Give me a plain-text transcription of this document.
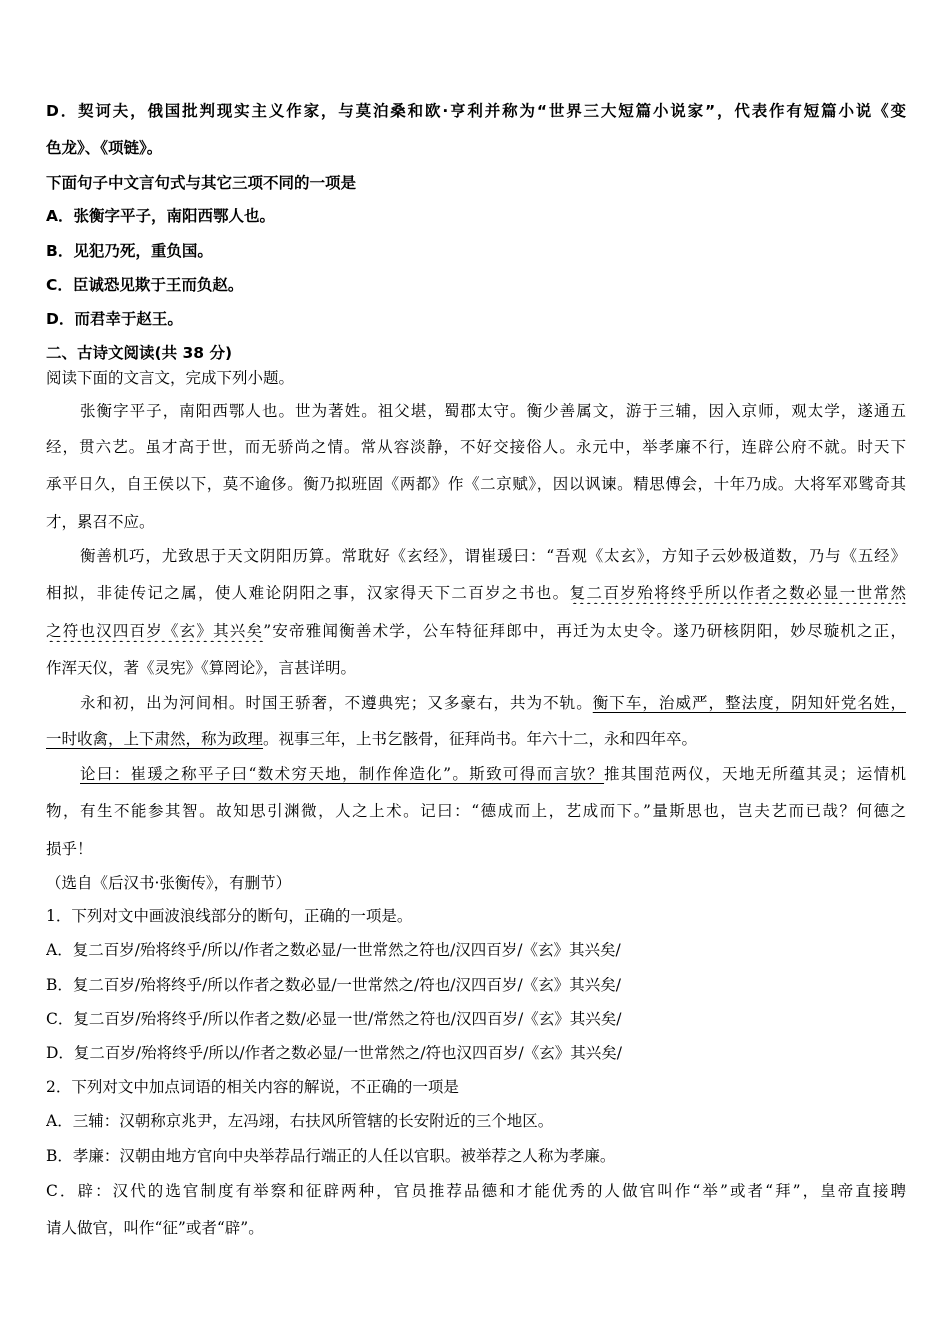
D．契诃夫，俄国批判现实主义作家，与莫泊桑和欧·亨利并称为“世界三大短篇小说家”，代表作有短篇小说《变
色龙》、《项链》。
下面句子中文言句式与其它三项不同的一项是
A．张衡字平子，南阳西鄂人也。
B．见犯乃死，重负国。
C．臣诚恐见欺于王而负赵。
D．而君幸于赵王。
二、古诗文阅读(共 38 分)
阅读下面的文言文，完成下列小题。
张衡字平子，南阳西鄂人也。世为著姓。祖父堪，蜀郡太守。衡少善属文，游于三辅，因入京师，观太学，遂通五
经，贯六艺。虽才高于世，而无骄尚之情。常从容淡静，不好交接俗人。永元中，举孝廉不行，连辟公府不就。时天下
承平日久，自王侯以下，莫不逾侈。衡乃拟班固《两都》作《二京赋》，因以讽谏。精思傅会，十年乃成。大将军邓骘奇其
才，累召不应。
衡善机巧，尤致思于天文阴阳历算。常耽好《玄经》，谓崔瑗曰：“吾观《太玄》，方知子云妙极道数，乃与《五经》
相拟，非徒传记之属，使人难论阴阳之事，汉家得天下二百岁之书也。复二百岁殆将终乎所以作者之数必显一世常然
之符也汉四百岁《玄》其兴矣”安帝雅闻衡善术学，公车特征拜郎中，再迁为太史令。遂乃研核阴阳，妙尽璇机之正，
作浑天仪，著《灵宪》《算罔论》，言甚详明。
永和初，出为河间相。时国王骄奢，不遵典宪；又多豪右，共为不轨。衡下车，治威严，整法度，阴知奸党名姓，
一时收禽，上下肃然，称为政理。视事三年，上书乞骸骨，征拜尚书。年六十二，永和四年卒。
论曰：崔瑗之称平子曰“数术穷天地，制作侔造化”。斯致可得而言欤？推其围范两仪，天地无所蕴其灵；运情机
物，有生不能参其智。故知思引渊微，人之上术。记曰：“德成而上，艺成而下。”量斯思也，岂夫艺而已哉？何德之
损乎！
（选自《后汉书·张衡传》，有删节）
1．下列对文中画波浪线部分的断句，正确的一项是。
A．复二百岁/殆将终乎/所以/作者之数必显/一世常然之符也/汉四百岁/《玄》其兴矣/
B．复二百岁/殆将终乎/所以作者之数必显/一世常然之/符也/汉四百岁/《玄》其兴矣/
C．复二百岁/殆将终乎/所以作者之数/必显一世/常然之符也/汉四百岁/《玄》其兴矣/
D．复二百岁/殆将终乎/所以/作者之数必显/一世常然之/符也汉四百岁/《玄》其兴矣/
2．下列对文中加点词语的相关内容的解说，不正确的一项是
A．三辅：汉朝称京兆尹，左冯翊，右扶风所管辖的长安附近的三个地区。
B．孝廉：汉朝由地方官向中央举荐品行端正的人任以官职。被举荐之人称为孝廉。
C．辟：汉代的选官制度有举察和征辟两种，官员推荐品德和才能优秀的人做官叫作“举”或者“拜”，皇帝直接聘
请人做官，叫作“征”或者“辟”。
